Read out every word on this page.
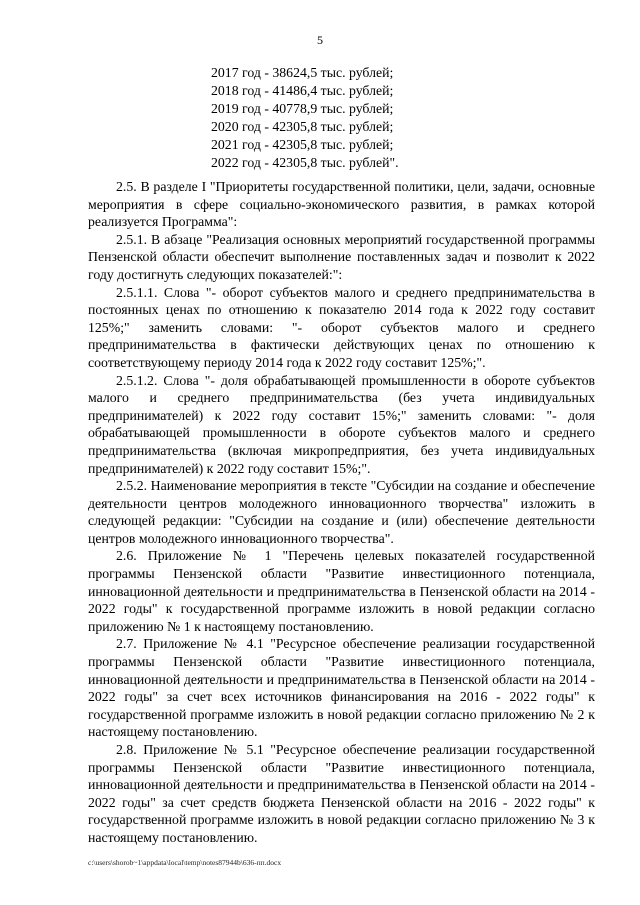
5
2017 год - 38624,5 тыс. рублей;
2018 год - 41486,4 тыс. рублей;
2019 год - 40778,9 тыс. рублей;
2020 год - 42305,8 тыс. рублей;
2021 год - 42305,8 тыс. рублей;
2022 год - 42305,8 тыс. рублей".

2.5. В разделе I "Приоритеты государственной политики, цели, задачи, основные мероприятия в сфере социально-экономического развития, в рамках которой реализуется Программа":

2.5.1. В абзаце "Реализация основных мероприятий государственной программы Пензенской области обеспечит выполнение поставленных задач и позволит к 2022 году достигнуть следующих показателей:":

2.5.1.1. Слова "- оборот субъектов малого и среднего предпринимательства в постоянных ценах по отношению к показателю 2014 года к 2022 году составит 125%;" заменить словами: "- оборот субъектов малого и среднего предпринимательства в фактически действующих ценах по отношению к соответствующему периоду 2014 года к 2022 году составит 125%;".

2.5.1.2. Слова "- доля обрабатывающей промышленности в обороте субъектов малого и среднего предпринимательства (без учета индивидуальных предпринимателей) к 2022 году составит 15%;" заменить словами: "- доля обрабатывающей промышленности в обороте субъектов малого и среднего предпринимательства (включая микропредприятия, без учета индивидуальных предпринимателей) к 2022 году составит 15%;".

2.5.2. Наименование мероприятия в тексте "Субсидии на создание и обеспечение деятельности центров молодежного инновационного творчества" изложить в следующей редакции: "Субсидии на создание и (или) обеспечение деятельности центров молодежного инновационного творчества".

2.6. Приложение № 1 "Перечень целевых показателей государственной программы Пензенской области "Развитие инвестиционного потенциала, инновационной деятельности и предпринимательства в Пензенской области на 2014 - 2022 годы" к государственной программе изложить в новой редакции согласно приложению № 1 к настоящему постановлению.

2.7. Приложение № 4.1 "Ресурсное обеспечение реализации государственной программы Пензенской области "Развитие инвестиционного потенциала, инновационной деятельности и предпринимательства в Пензенской области на 2014 - 2022 годы" за счет всех источников финансирования на 2016 - 2022 годы" к государственной программе изложить в новой редакции согласно приложению № 2 к настоящему постановлению.

2.8. Приложение № 5.1 "Ресурсное обеспечение реализации государственной программы Пензенской области "Развитие инвестиционного потенциала, инновационной деятельности и предпринимательства в Пензенской области на 2014 - 2022 годы" за счет средств бюджета Пензенской области на 2016 - 2022 годы" к государственной программе изложить в новой редакции согласно приложению № 3 к настоящему постановлению.

c:\users\shorob~1\appdata\local\temp\notes87944b\636-пп.docx
